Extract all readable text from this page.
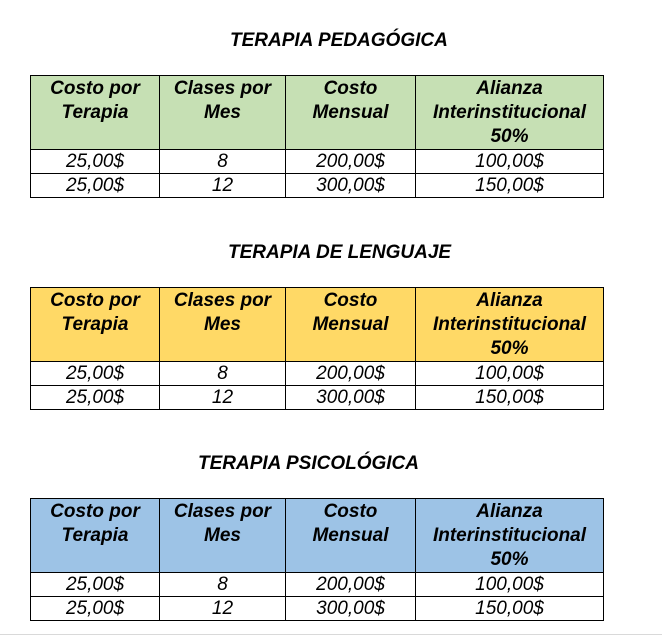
TERAPIA PEDAGÓGICA
Costo por Terapia	Clases por Mes	Costo Mensual	Alianza Interinstitucional 50%
25,00$	8	200,00$	100,00$
25,00$	12	300,00$	150,00$
TERAPIA DE LENGUAJE
Costo por Terapia	Clases por Mes	Costo Mensual	Alianza Interinstitucional 50%
25,00$	8	200,00$	100,00$
25,00$	12	300,00$	150,00$
TERAPIA PSICOLÓGICA
Costo por Terapia	Clases por Mes	Costo Mensual	Alianza Interinstitucional 50%
25,00$	8	200,00$	100,00$
25,00$	12	300,00$	150,00$
